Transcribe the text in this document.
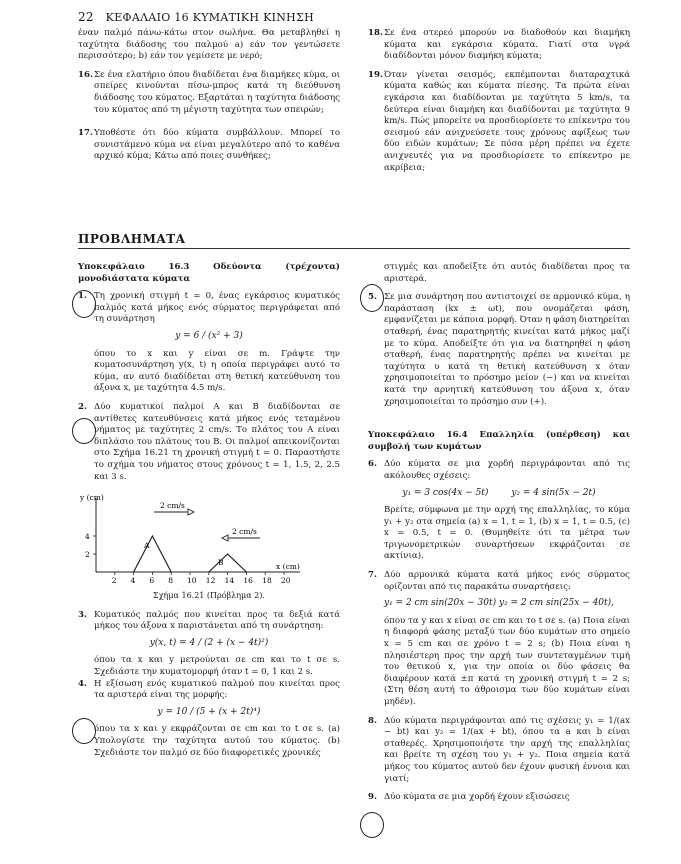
22 ΚΕΦΑΛΑΙΟ 16 ΚΥΜΑΤΙΚΗ ΚΙΝΗΣΗ
έναν παλμό πάνω-κάτω στον σωλήνα. Θα μεταβληθεί η ταχύτητα διάδοσης του παλμού a) εάν τον γεντώσετε περισσότερο; b) εάν τον γεμίσετε με νερό;
16. Σε ένα ελατήριο όπου διαδίδεται ένα διαμήκες κύμα, οι σπείρες κινούνται πίσω-μπρος κατά τη διεύθυνση διάδοσης του κύματος. Εξαρτάται η ταχύτητα διάδοσης του κύματος από τη μέγιστη ταχύτητα των σπειρών;
17. Υποθέστε ότι δύο κύματα συμβάλλουν. Μπορεί το συνιστάμενο κύμα να είναι μεγαλύτερο από το καθένα αρχικό κύμα; Κάτω από ποιες συνθήκες;
18. Σε ένα στερεό μπορούν να διαδοθούν και διαμήκη κύματα και εγκάρσια κύματα. Γιατί στα υγρά διαδίδονται μόνον διαμήκη κύματα;
19. Όταν γίνεται σεισμός, εκπέμπονται διαταραχτικά κύματα καθώς και κύματα πίεσης. Τα πρώτα είναι εγκάρσια και διαδίδονται με ταχύτητα 5 km/s, τα δεύτερα είναι διαμήκη και διαδίδονται με ταχύτητα 9 km/s. Πώς μπορείτε να προσδιορίσετε το επίκεντρο του σεισμού εάν ανιχνεύσετε τους χρόνους αφίξεως των δύο ειδών κυμάτων; Σε πόσα μέρη πρέπει να έχετε ανιχνευτές για να προσδιορίσετε το επίκεντρο με ακρίβεια;
ΠΡΟΒΛΗΜΑΤΑ
Υποκεφάλαιο 16.3 Οδεύοντα (τρέχοντα) μονοδιάστατα κύματα
1. Τη χρονική στιγμή t = 0, ένας εγκάρσιος κυματικός παλμός κατά μήκος ενός σύρματος περιγράφεται από τη συνάρτηση
y = 6 / (x² + 3)
όπου το x και y είναι σε m. Γράψτε την κυματοσυνάρτηση y(x, t) η οποία περιγράφει αυτό το κύμα, αν αυτό διαδίδεται στη θετική κατεύθυνση του άξονα x, με ταχύτητα 4.5 m/s.
2. Δύο κυματικοί παλμοί A και B διαδίδονται σε αντίθετες κατευθύνσεις κατά μήκος ενός τεταμένου νήματος με ταχύτητες 2 cm/s. Το πλάτος του A είναι διπλάσιο του πλάτους του B. Οι παλμοί απεικονίζονται στο Σχήμα 16.21 τη χρονική στιγμή t = 0. Παραστήστε το σχήμα του νήματος στους χρόνους t = 1, 1.5, 2, 2.5 και 3 s.
2 4 6 8 10 12 14 16 18 20
2
4
y (cm)
x (cm)
A
B
2 cm/s
2 cm/s
Σχήμα 16.21 (Πρόβλημα 2).
3. Κυματικός παλμός που κινείται προς τα δεξιά κατά μήκος του άξονα x παριστάνεται από τη συνάρτηση:
y(x, t) = 4 / (2 + (x − 4t)²)
όπου τα x και y μετρούνται σε cm και το t σε s. Σχεδιάστε την κυματομορφή όταν t = 0, 1 και 2 s.
4. Η εξίσωση ενός κυματικού παλμού που κινείται προς τα αριστερά είναι της μορφής:
y = 10 / (5 + (x + 2t)⁴)
όπου τα x και y εκφράζονται σε cm και το t σε s. (a) Υπολογίστε την ταχύτητα αυτού του κύματος. (b) Σχεδιάστε τον παλμό σε δύο διαφορετικές χρονικές
στιγμές και αποδείξτε ότι αυτός διαδίδεται προς τα αριστερά.
5. Σε μια συνάρτηση που αντιστοιχεί σε αρμονικό κύμα, η παράσταση (kx ± ωt), που ονομάζεται φάση, εμφανίζεται με κάποια μορφή. Όταν η φάση διατηρείται σταθερή, ένας παρατηρητής κινείται κατά μήκος μαζί με το κύμα. Αποδείξτε ότι για να διατηρηθεί η φάση σταθερή, ένας παρατηρητής πρέπει να κινείται με ταχύτητα υ κατά τη θετική κατεύθυνση x όταν χρησιμοποιείται το πρόσημο μείον (−) και να κινείται κατά την αρνητική κατεύθυνση του άξονα x, όταν χρησιμοποιείται το πρόσημο συν (+).
Υποκεφάλαιο 16.4 Επαλληλία (υπέρθεση) και συμβολή των κυμάτων
6. Δύο κύματα σε μια χορδή περιγράφονται από τις ακόλουθες σχέσεις:
y₁ = 3 cos(4x − 5t)        y₂ = 4 sin(5x − 2t)
Βρείτε, σύμφωνα με την αρχή της επαλληλίας, το κύμα y₁ + y₂ στα σημεία (a) x = 1, t = 1, (b) x = 1, t = 0.5, (c) x = 0.5, t = 0. (Θυμηθείτε ότι τα μέτρα των τριγωνομετρικών συναρτήσεων εκφράζονται σε ακτίνια).
7. Δύο αρμονικά κύματα κατά μήκος ενός σύρματος ορίζονται από τις παρακάτω συναρτήσεις:
y₁ = 2 cm sin(20x − 30t) y₂ = 2 cm sin(25x − 40t),
όπου τα y και x είναι σε cm και το t σε s. (a) Ποια είναι η διαφορά φάσης μεταξύ των δύο κυμάτων στο σημείο x = 5 cm και σε χρόνο t = 2 s; (b) Ποια είναι η πλησιέστερη προς την αρχή των συντεταγμένων τιμή του θετικού x, για την οποία οι δύο φάσεις θα διαφέρουν κατά ±π κατά τη χρονική στιγμή t = 2 s; (Στη θέση αυτή το άθροισμα των δύο κυμάτων είναι μηδέν).
8. Δύο κύματα περιγράφονται από τις σχέσεις y₁ = 1/(ax − bt) και y₂ = 1/(ax + bt), όπου τα a και b είναι σταθερές. Χρησιμοποιήστε την αρχή της επαλληλίας και βρείτε τη σχέση του y₁ + y₂. Ποια σημεία κατά μήκος του κύματος αυτού δεν έχουν φυσική έννοια και γιατί;
9. Δύο κύματα σε μια χορδή έχουν εξισώσεις
